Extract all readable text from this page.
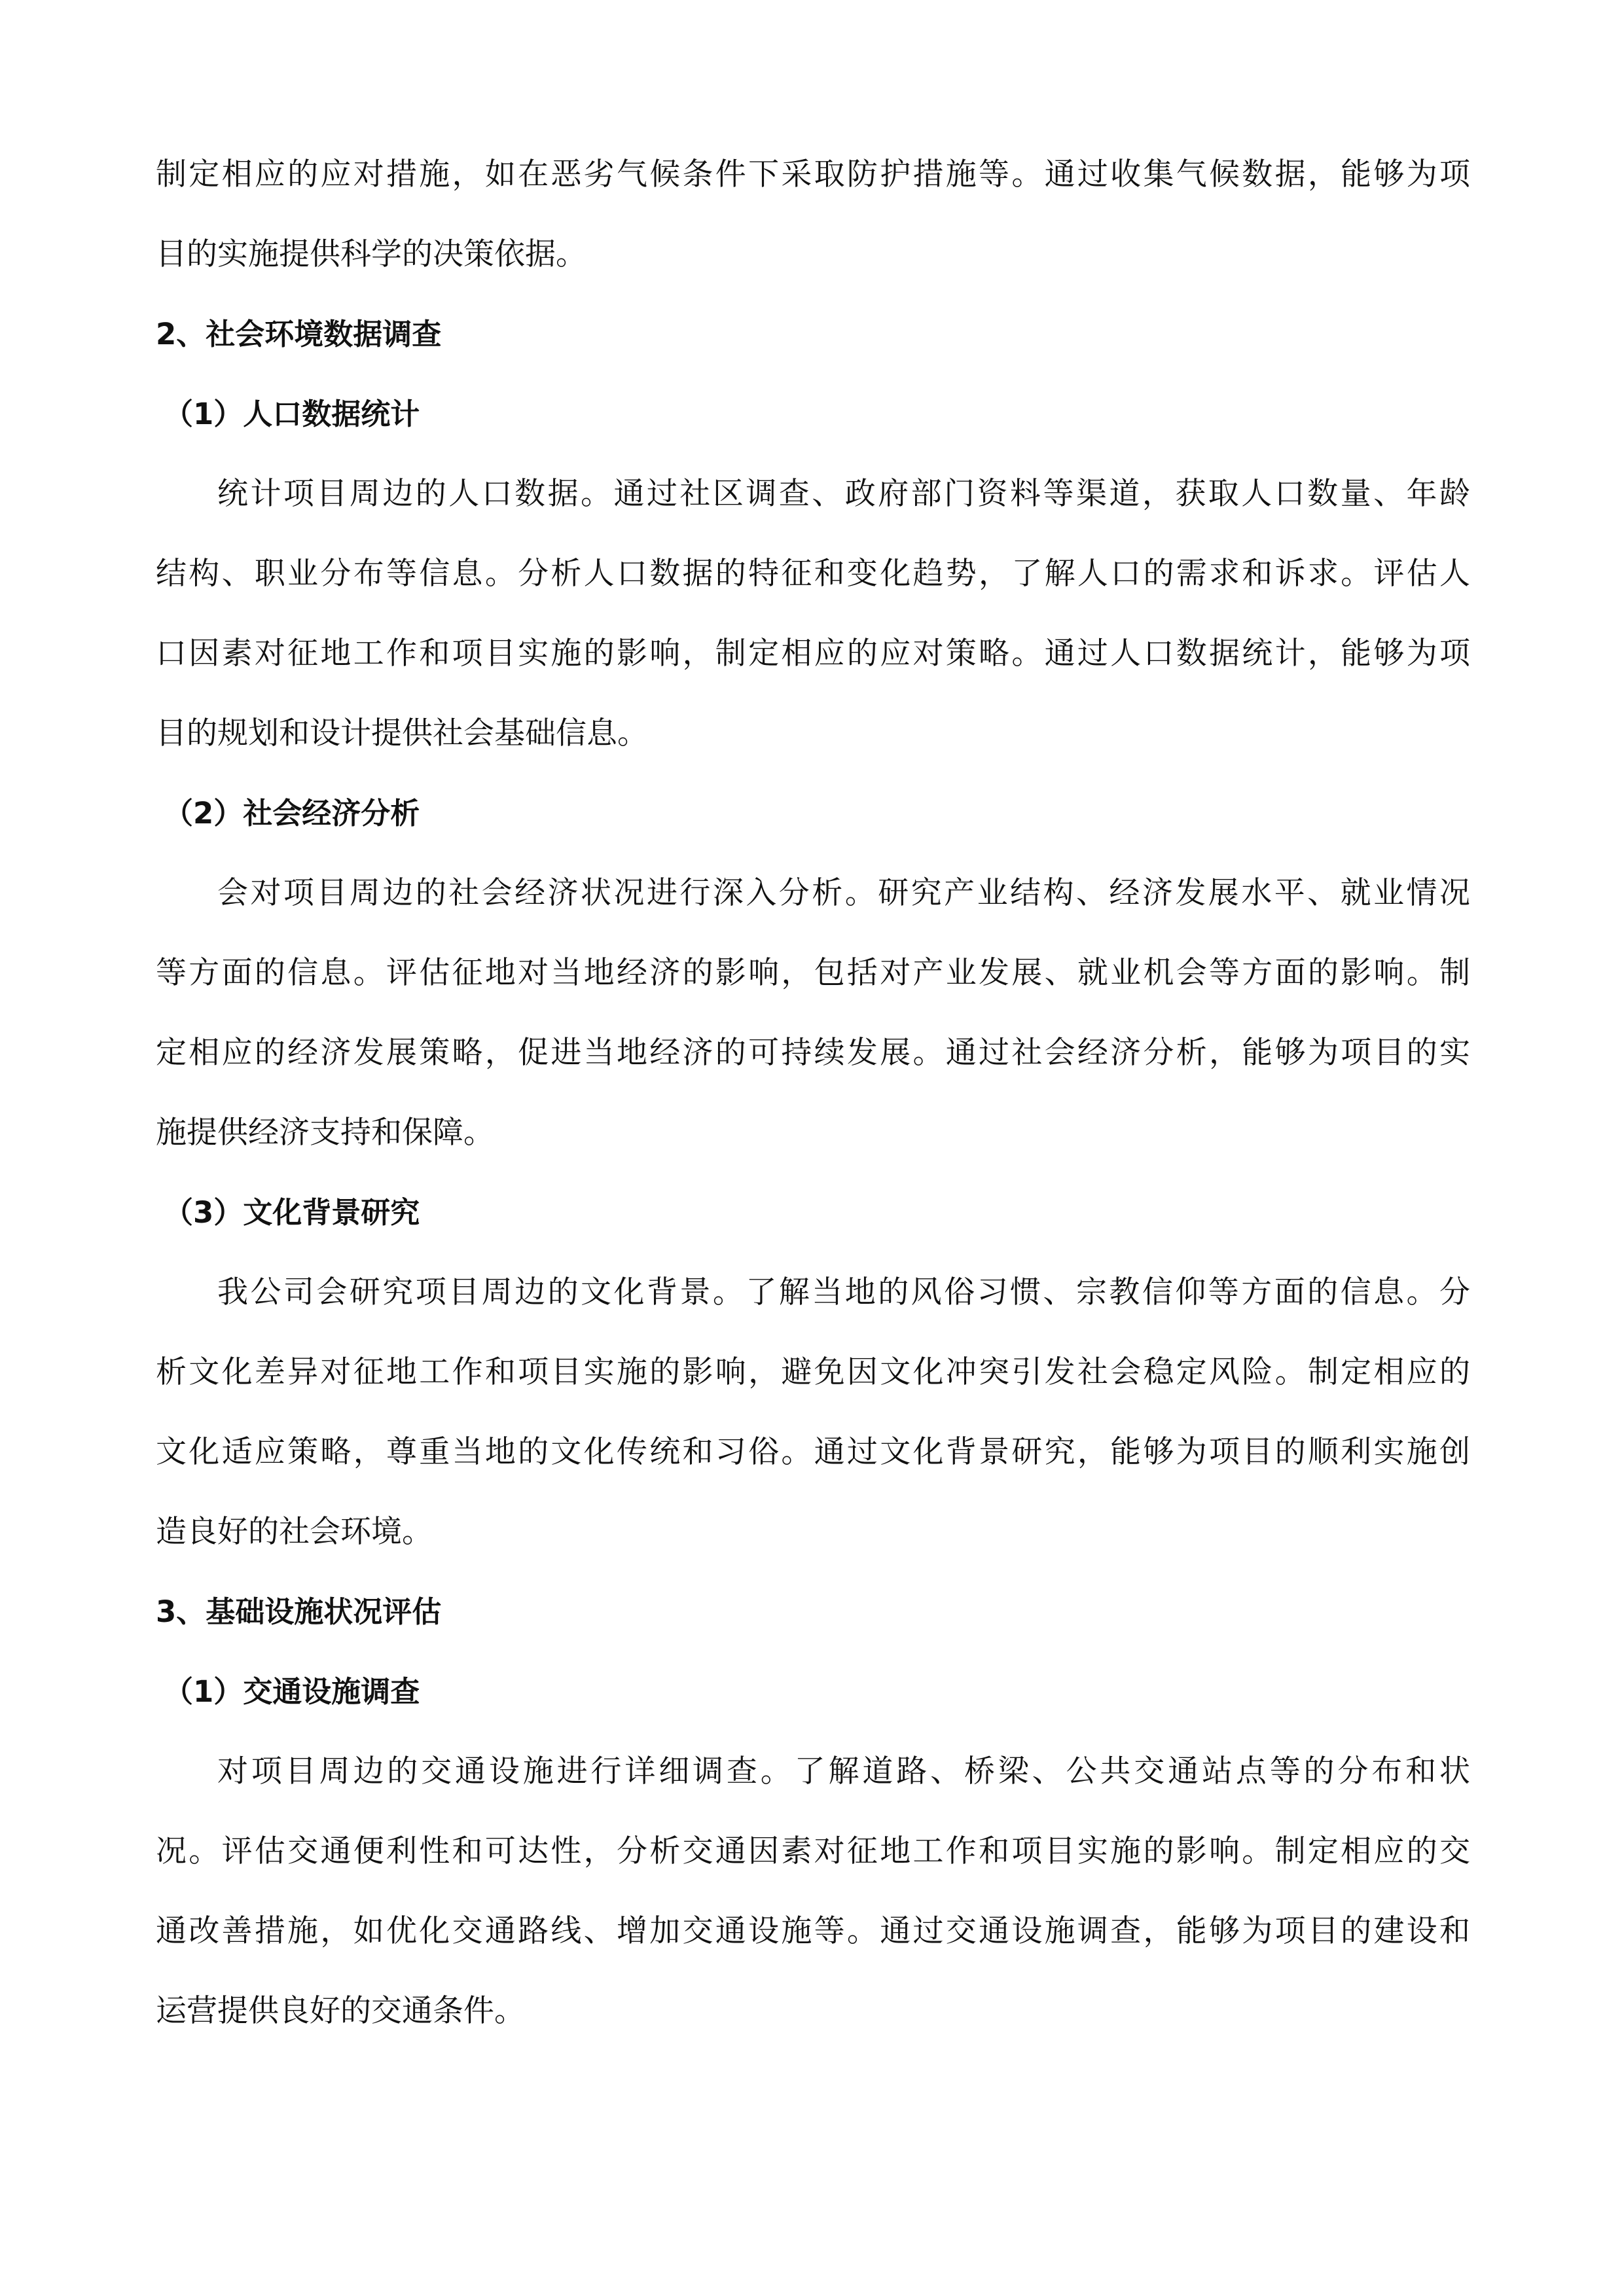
制定相应的应对措施，如在恶劣气候条件下采取防护措施等。通过收集气候数据，能够为项
目的实施提供科学的决策依据。
2、社会环境数据调查
（1）人口数据统计
统计项目周边的人口数据。通过社区调查、政府部门资料等渠道，获取人口数量、年龄
结构、职业分布等信息。分析人口数据的特征和变化趋势，了解人口的需求和诉求。评估人
口因素对征地工作和项目实施的影响，制定相应的应对策略。通过人口数据统计，能够为项
目的规划和设计提供社会基础信息。
（2）社会经济分析
会对项目周边的社会经济状况进行深入分析。研究产业结构、经济发展水平、就业情况
等方面的信息。评估征地对当地经济的影响，包括对产业发展、就业机会等方面的影响。制
定相应的经济发展策略，促进当地经济的可持续发展。通过社会经济分析，能够为项目的实
施提供经济支持和保障。
（3）文化背景研究
我公司会研究项目周边的文化背景。了解当地的风俗习惯、宗教信仰等方面的信息。分
析文化差异对征地工作和项目实施的影响，避免因文化冲突引发社会稳定风险。制定相应的
文化适应策略，尊重当地的文化传统和习俗。通过文化背景研究，能够为项目的顺利实施创
造良好的社会环境。
3、基础设施状况评估
（1）交通设施调查
对项目周边的交通设施进行详细调查。了解道路、桥梁、公共交通站点等的分布和状
况。评估交通便利性和可达性，分析交通因素对征地工作和项目实施的影响。制定相应的交
通改善措施，如优化交通路线、增加交通设施等。通过交通设施调查，能够为项目的建设和
运营提供良好的交通条件。
